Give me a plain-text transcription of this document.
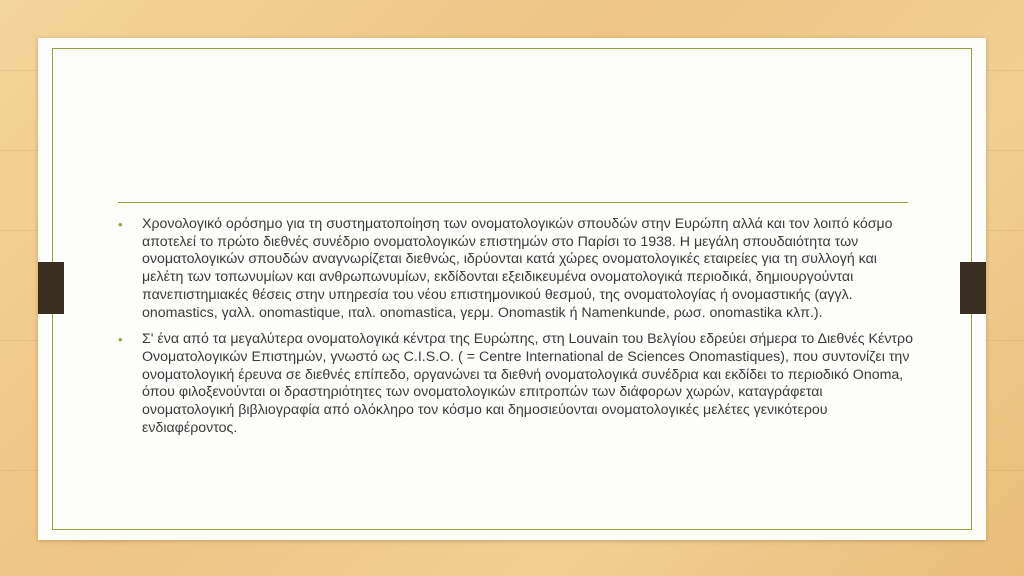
• Χρονολογικό ορόσημο για τη συστηματοποίηση των ονοματολογικών σπουδών στην Ευρώπη αλλά και τον λοιπό κόσμο αποτελεί το πρώτο διεθνές συνέδριο ονοματολογικών επιστημών στο Παρίσι το 1938. Η μεγάλη σπουδαιότητα των ονοματολογικών σπουδών αναγνωρίζεται διεθνώς, ιδρύονται κατά χώρες ονοματολογικές εταιρείες για τη συλλογή και μελέτη των τοπωνυμίων και ανθρωπωνυμίων, εκδίδονται εξειδικευμένα ονοματολογικά περιοδικά, δημιουργούνται πανεπιστημιακές θέσεις στην υπηρεσία του νέου επιστημονικού θεσμού, της ονοματολογίας ή ονομαστικής (αγγλ. onomastics, γαλλ. onomastique, ιταλ. onomastica, γερμ. Onomastik ή Namenkunde, ρωσ. onomastika κλπ.).
• Σ' ένα από τα μεγαλύτερα ονοματολογικά κέντρα της Ευρώπης, στη Louvain του Βελγίου εδρεύει σήμερα το Διεθνές Κέντρο Ονοματολογικών Επιστημών, γνωστό ως C.I.S.O. ( = Centre International de Sciences Onomastiques), που συντονίζει την ονοματολογική έρευνα σε διεθνές επίπεδο, οργανώνει τα διεθνή ονοματολογικά συνέδρια και εκδίδει το περιοδικό Onoma, όπου φιλοξενούνται οι δραστηριότητες των ονοματολογικών επιτροπών των διάφορων χωρών, καταγράφεται ονοματολογική βιβλιογραφία από ολόκληρο τον κόσμο και δημοσιεύονται ονοματολογικές μελέτες γενικότερου ενδιαφέροντος.
